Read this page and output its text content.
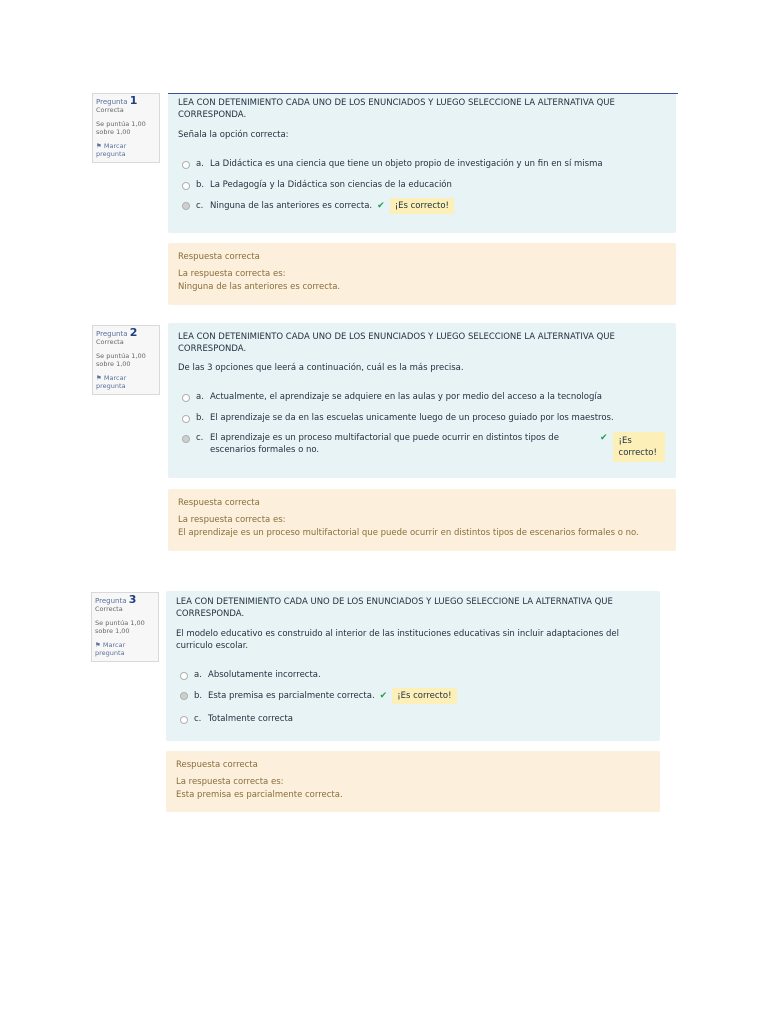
Pregunta 1
Correcta
Se puntúa 1,00 sobre 1,00
⚑ Marcar pregunta
LEA CON DETENIMIENTO CADA UNO DE LOS ENUNCIADOS Y LUEGO SELECCIONE LA ALTERNATIVA QUE CORRESPONDA.
Señala la opción correcta:
a. La Didáctica es una ciencia que tiene un objeto propio de investigación y un fin en sí misma
b. La Pedagogía y la Didáctica son ciencias de la educación
c. Ninguna de las anteriores es correcta. ✔	¡Es correcto!
Respuesta correcta
La respuesta correcta es:
Ninguna de las anteriores es correcta.
Pregunta 2
Correcta
Se puntúa 1,00 sobre 1,00
⚑ Marcar pregunta
LEA CON DETENIMIENTO CADA UNO DE LOS ENUNCIADOS Y LUEGO SELECCIONE LA ALTERNATIVA QUE CORRESPONDA.
De las 3 opciones que leerá a continuación, cuál es la más precisa.
a. Actualmente, el aprendizaje se adquiere en las aulas y por medio del acceso a la tecnología
b. El aprendizaje se da en las escuelas unicamente luego de un proceso guiado por los maestros.
c. El aprendizaje es un proceso multifactorial que puede ocurrir en distintos tipos de escenarios formales o no.
✔	¡Es correcto!
Respuesta correcta
La respuesta correcta es:
El aprendizaje es un proceso multifactorial que puede ocurrir en distintos tipos de escenarios formales o no.
Pregunta 3
Correcta
Se puntúa 1,00 sobre 1,00
⚑ Marcar pregunta
LEA CON DETENIMIENTO CADA UNO DE LOS ENUNCIADOS Y LUEGO SELECCIONE LA ALTERNATIVA QUE CORRESPONDA.
El modelo educativo es construido al interior de las instituciones educativas sin incluir adaptaciones del curriculo escolar.
a. Absolutamente incorrecta.
b. Esta premisa es parcialmente correcta. ✔	¡Es correcto!
c. Totalmente correcta
Respuesta correcta
La respuesta correcta es:
Esta premisa es parcialmente correcta.
